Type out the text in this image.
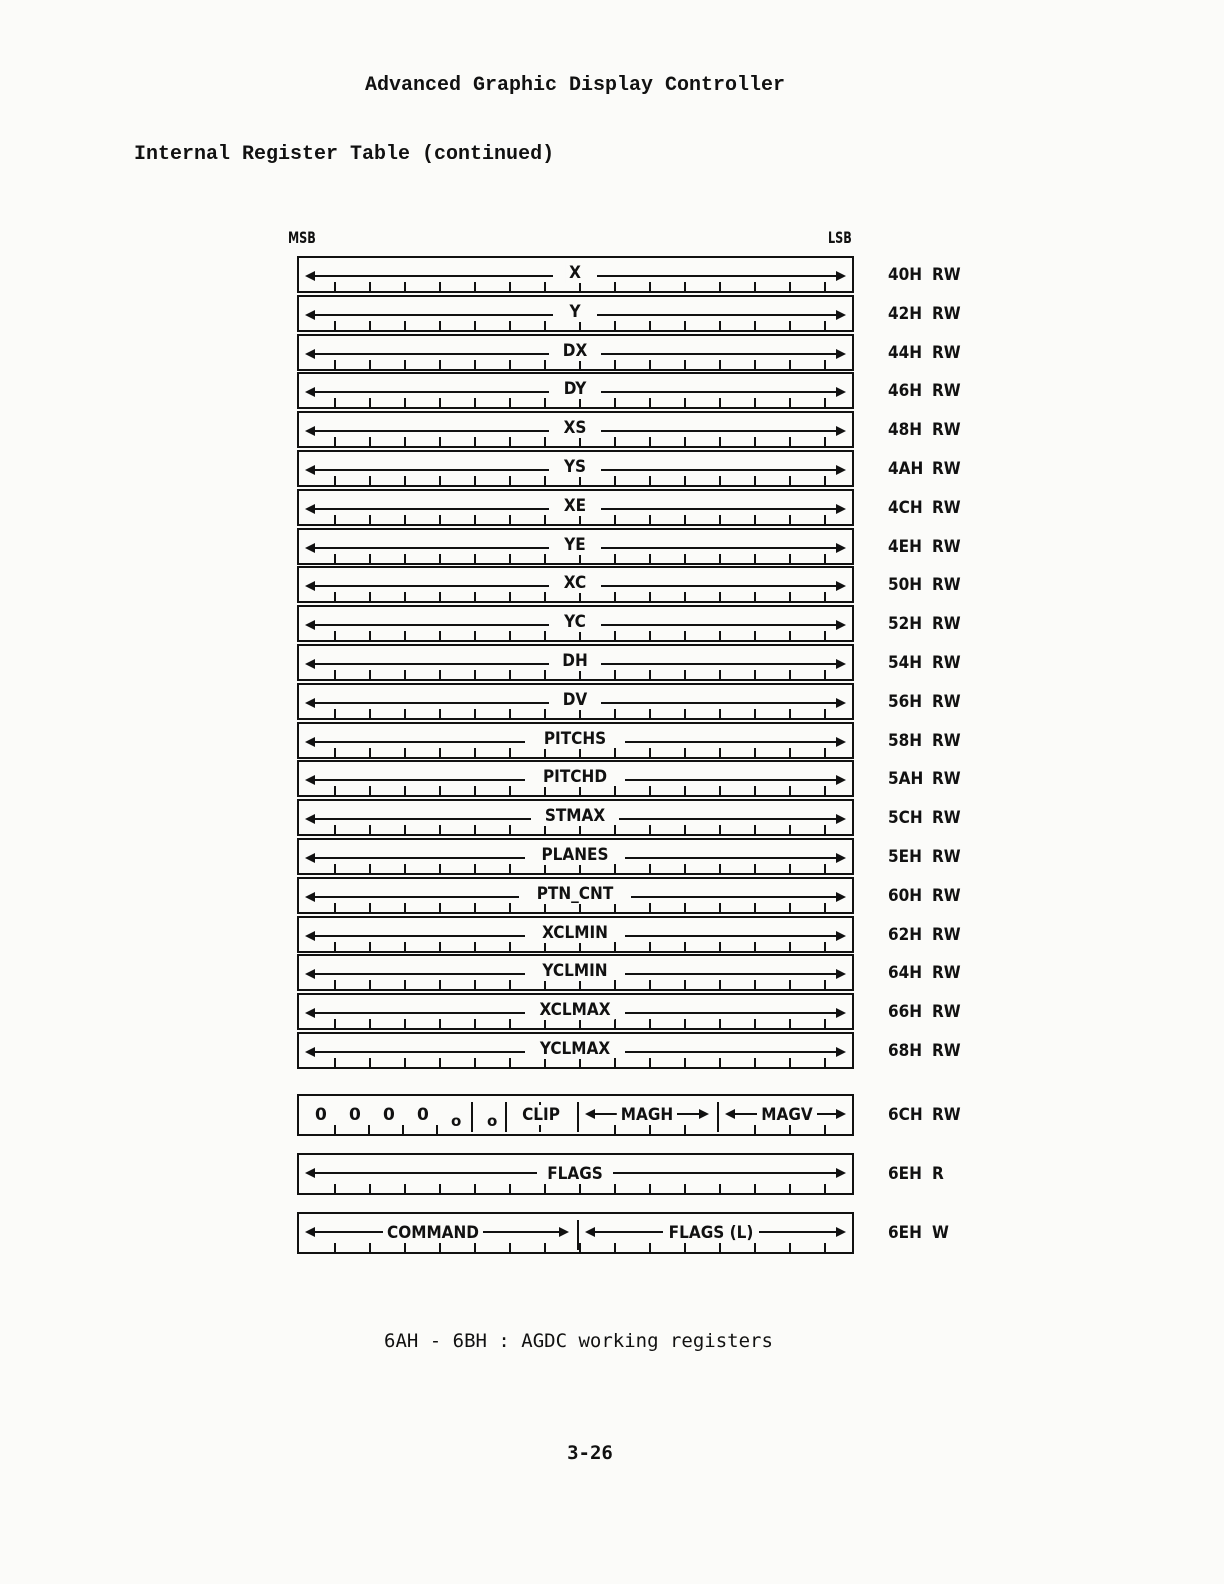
Advanced Graphic Display Controller
Internal Register Table (continued)
MSB	LSB
X	40H RW
Y	42H RW
DX	44H RW
DY	46H RW
XS	48H RW
YS	4AH RW
XE	4CH RW
YE	4EH RW
XC	50H RW
YC	52H RW
DH	54H RW
DV	56H RW
PITCHS	58H RW
PITCHD	5AH RW
STMAX	5CH RW
PLANES	5EH RW
PTN_CNT	60H RW
XCLMIN	62H RW
YCLMIN	64H RW
XCLMAX	66H RW
YCLMAX	68H RW
0 0 0 0 o o CLIP	MAGH	MAGV	6CH RW
FLAGS	6EH R
COMMAND	FLAGS (L)	6EH W
6AH - 6BH : AGDC working registers
3-26
